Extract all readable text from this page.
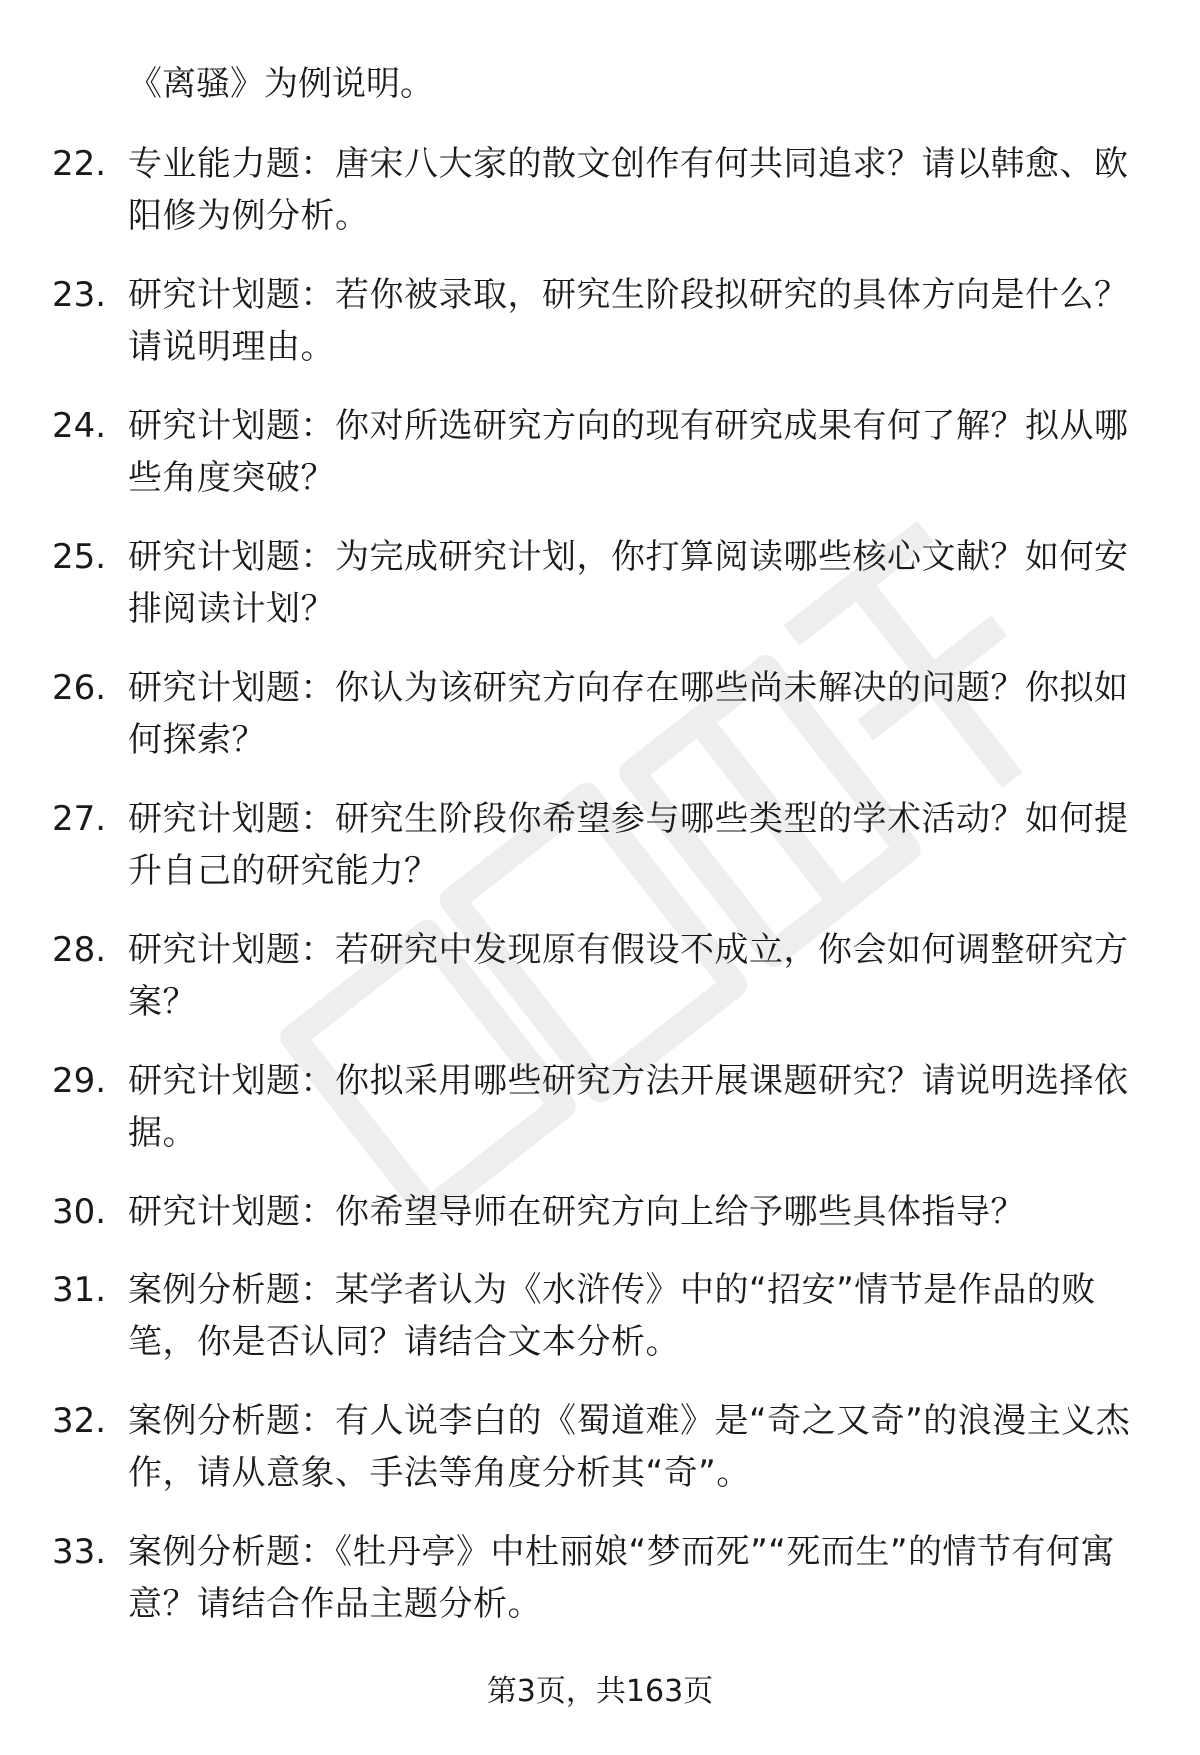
《离骚》为例说明。
22. 专业能力题：唐宋八大家的散文创作有何共同追求？请以韩愈、欧阳修为例分析。
23. 研究计划题：若你被录取，研究生阶段拟研究的具体方向是什么？请说明理由。
24. 研究计划题：你对所选研究方向的现有研究成果有何了解？拟从哪些角度突破？
25. 研究计划题：为完成研究计划，你打算阅读哪些核心文献？如何安排阅读计划？
26. 研究计划题：你认为该研究方向存在哪些尚未解决的问题？你拟如何探索？
27. 研究计划题：研究生阶段你希望参与哪些类型的学术活动？如何提升自己的研究能力？
28. 研究计划题：若研究中发现原有假设不成立，你会如何调整研究方案？
29. 研究计划题：你拟采用哪些研究方法开展课题研究？请说明选择依据。
30. 研究计划题：你希望导师在研究方向上给予哪些具体指导？
31. 案例分析题：某学者认为《水浒传》中的“招安”情节是作品的败笔，你是否认同？请结合文本分析。
32. 案例分析题：有人说李白的《蜀道难》是“奇之又奇”的浪漫主义杰作，请从意象、手法等角度分析其“奇”。
33. 案例分析题：《牡丹亭》中杜丽娘“梦而死”“死而生”的情节有何寓意？请结合作品主题分析。
第3页，共163页
